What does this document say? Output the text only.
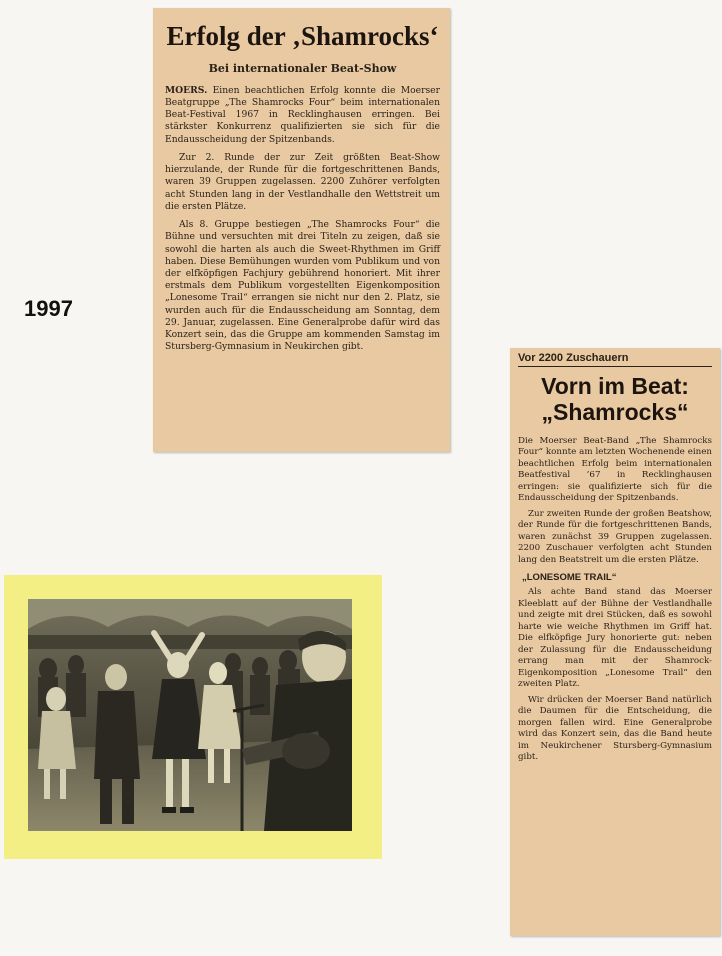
1997
Erfolg der ‚Shamrocks‘
Bei internationaler Beat-Show

MOERS. Einen beachtlichen Erfolg konnte die Moerser Beatgruppe „The Shamrocks Four“ beim internationalen Beat-Festival 1967 in Recklinghausen erringen. Bei stärkster Konkurrenz qualifizierten sie sich für die Endausscheidung der Spitzenbands.

Zur 2. Runde der zur Zeit größten Beat-Show hierzulande, der Runde für die fortgeschrittenen Bands, waren 39 Gruppen zugelassen. 2200 Zuhörer verfolgten acht Stunden lang in der Vestlandhalle den Wettstreit um die ersten Plätze.

Als 8. Gruppe bestiegen „The Shamrocks Four“ die Bühne und versuchten mit drei Titeln zu zeigen, daß sie sowohl die harten als auch die Sweet-Rhythmen im Griff haben. Diese Bemühungen wurden vom Publikum und von der elfköpfigen Fachjury gebührend honoriert. Mit ihrer erstmals dem Publikum vorgestellten Eigenkomposition „Lonesome Trail“ errangen sie nicht nur den 2. Platz, sie wurden auch für die Endausscheidung am Sonntag, dem 29. Januar, zugelassen. Eine Generalprobe dafür wird das Konzert sein, das die Gruppe am kommenden Samstag im Stursberg-Gymnasium in Neukirchen gibt.

Vor 2200 Zuschauern
Vorn im Beat:
„Shamrocks“

Die Moerser Beat-Band „The Shamrocks Four“ konnte am letzten Wochenende einen beachtlichen Erfolg beim internationalen Beatfestival ’67 in Recklinghausen erringen: sie qualifizierte sich für die Endausscheidung der Spitzenbands.

Zur zweiten Runde der großen Beatshow, der Runde für die fortgeschrittenen Bands, waren zunächst 39 Gruppen zugelassen. 2200 Zuschauer verfolgten acht Stunden lang den Beatstreit um die ersten Plätze.

„LONESOME TRAIL“

Als achte Band stand das Moerser Kleeblatt auf der Bühne der Vestlandhalle und zeigte mit drei Stücken, daß es sowohl harte wie weiche Rhythmen im Griff hat. Die elfköpfige Jury honorierte gut: neben der Zulassung für die Endausscheidung errang man mit der Shamrock-Eigenkomposition „Lonesome Trail“ den zweiten Platz.

Wir drücken der Moerser Band natürlich die Daumen für die Entscheidung, die morgen fallen wird. Eine Generalprobe wird das Konzert sein, das die Band heute im Neukirchener Stursberg-Gymnasium gibt.
